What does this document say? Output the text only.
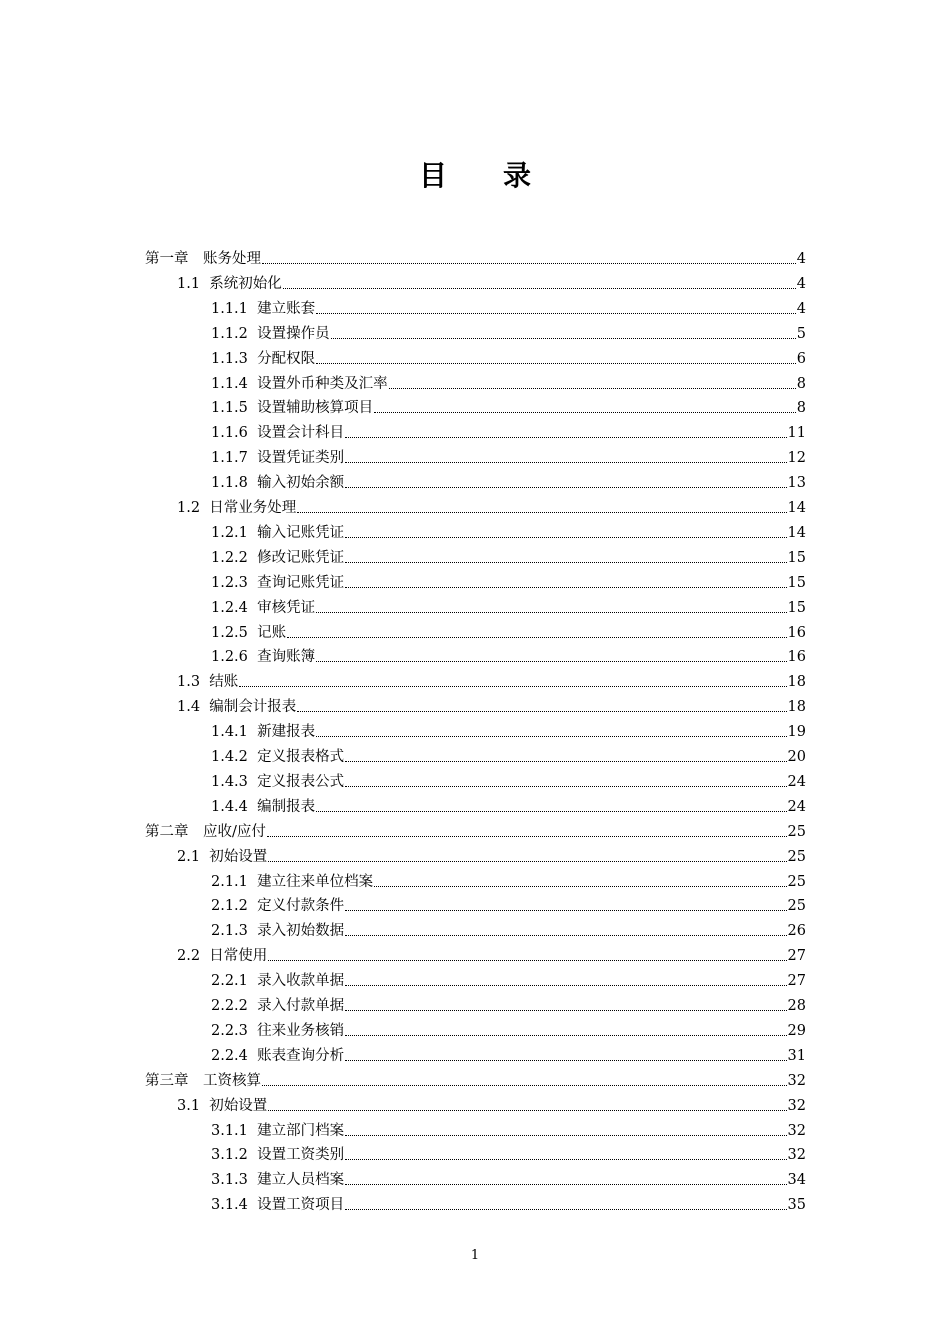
目 录
第一章　账务处理	4
1.1  系统初始化	4
1.1.1  建立账套	4
1.1.2  设置操作员	5
1.1.3  分配权限	6
1.1.4  设置外币种类及汇率	8
1.1.5  设置辅助核算项目	8
1.1.6  设置会计科目	11
1.1.7  设置凭证类别	12
1.1.8  输入初始余额	13
1.2  日常业务处理	14
1.2.1  输入记账凭证	14
1.2.2  修改记账凭证	15
1.2.3  查询记账凭证	15
1.2.4  审核凭证	15
1.2.5  记账	16
1.2.6  查询账簿	16
1.3  结账	18
1.4  编制会计报表	18
1.4.1  新建报表	19
1.4.2  定义报表格式	20
1.4.3  定义报表公式	24
1.4.4  编制报表	24
第二章　应收/应付	25
2.1  初始设置	25
2.1.1  建立往来单位档案	25
2.1.2  定义付款条件	25
2.1.3  录入初始数据	26
2.2  日常使用	27
2.2.1  录入收款单据	27
2.2.2  录入付款单据	28
2.2.3  往来业务核销	29
2.2.4  账表查询分析	31
第三章　工资核算	32
3.1  初始设置	32
3.1.1  建立部门档案	32
3.1.2  设置工资类别	32
3.1.3  建立人员档案	34
3.1.4  设置工资项目	35
1
